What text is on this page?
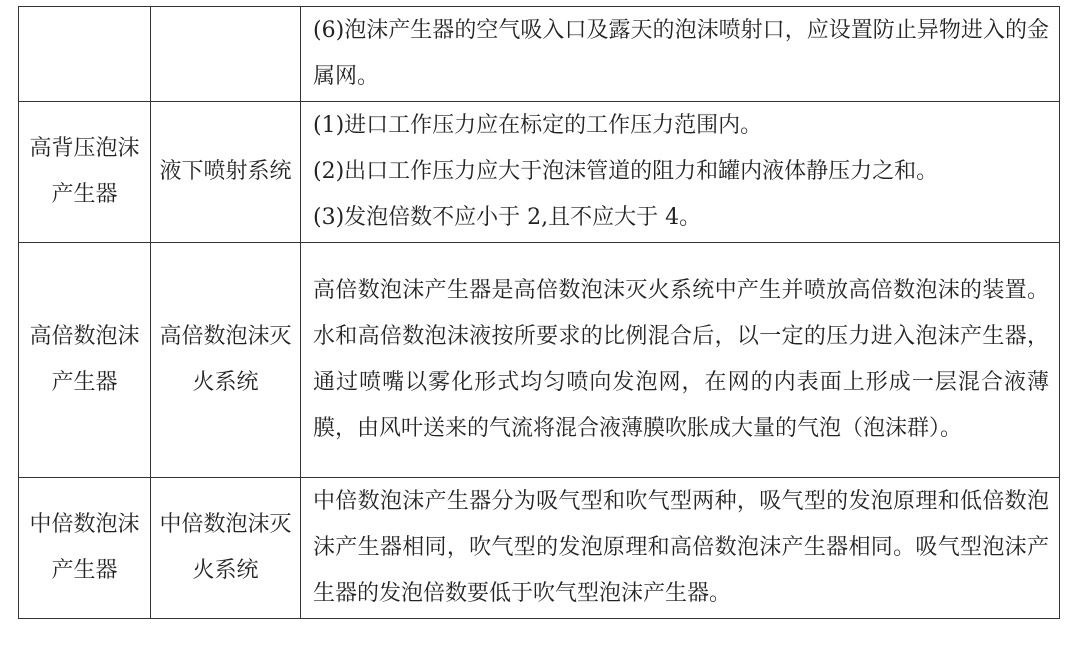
		(6)泡沫产生器的空气吸入口及露天的泡沫喷射口，应设置防止异物进入的金属网。

高背压泡沫产生器	液下喷射系统	(1)进口工作压力应在标定的工作压力范围内。
(2)出口工作压力应大于泡沫管道的阻力和罐内液体静压力之和。
(3)发泡倍数不应小于 2,且不应大于 4。

高倍数泡沫产生器	高倍数泡沫灭火系统	高倍数泡沫产生器是高倍数泡沫灭火系统中产生并喷放高倍数泡沫的装置。水和高倍数泡沫液按所要求的比例混合后，以一定的压力进入泡沫产生器，通过喷嘴以雾化形式均匀喷向发泡网，在网的内表面上形成一层混合液薄膜，由风叶送来的气流将混合液薄膜吹胀成大量的气泡（泡沫群）。

中倍数泡沫产生器	中倍数泡沫灭火系统	中倍数泡沫产生器分为吸气型和吹气型两种，吸气型的发泡原理和低倍数泡沫产生器相同，吹气型的发泡原理和高倍数泡沫产生器相同。吸气型泡沫产生器的发泡倍数要低于吹气型泡沫产生器。
